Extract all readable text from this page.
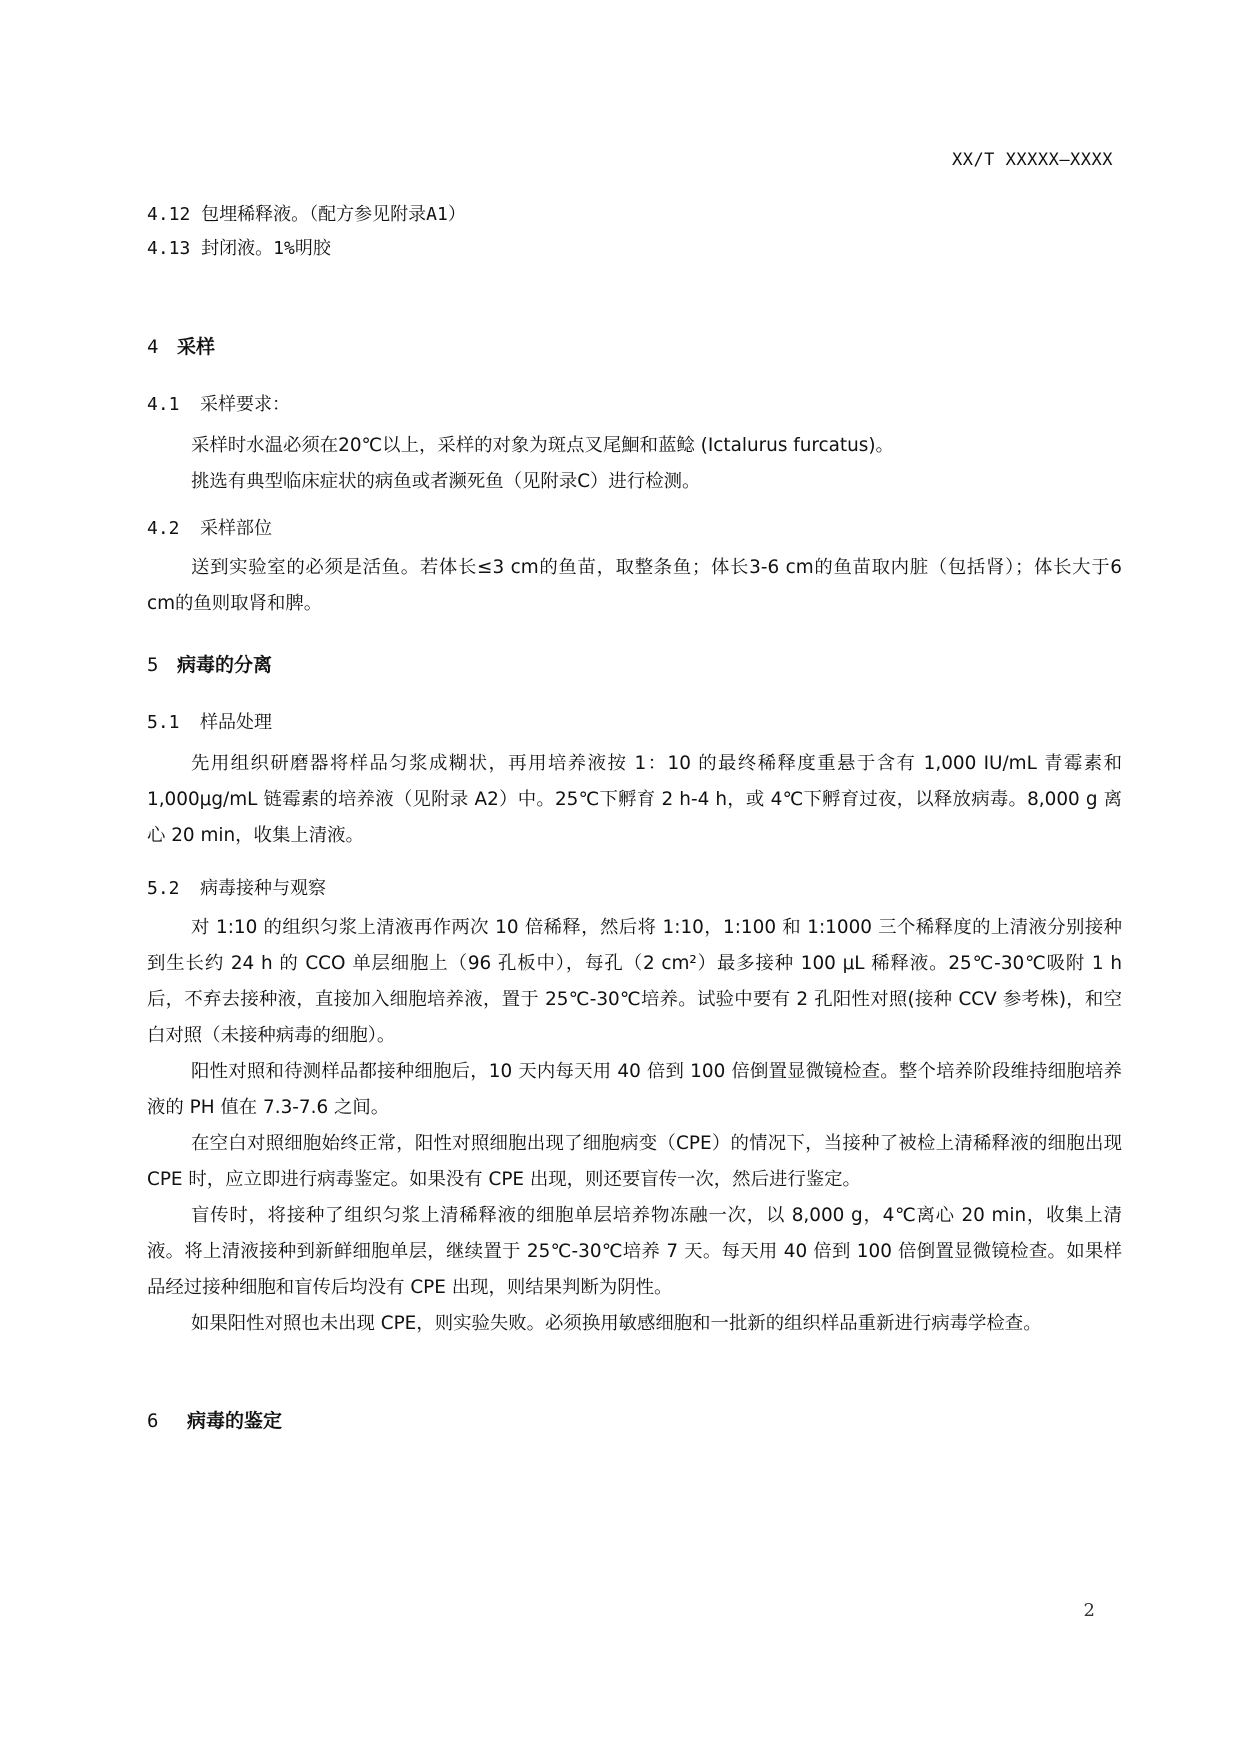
XX/T XXXXX—XXXX
4.12 包埋稀释液。（配方参见附录A1）
4.13 封闭液。1%明胶
4 采样
4.1 采样要求：
采样时水温必须在20℃以上，采样的对象为斑点叉尾鮰和蓝鲶 (Ictalurus furcatus)。
挑选有典型临床症状的病鱼或者濒死鱼（见附录C）进行检测。
4.2 采样部位

送到实验室的必须是活鱼。若体长≤3 cm的鱼苗，取整条鱼；体长3-6 cm的鱼苗取内脏（包括肾）；体长大于6 cm的鱼则取肾和脾。

5 病毒的分离
5.1 样品处理

先用组织研磨器将样品匀浆成糊状，再用培养液按 1：10 的最终稀释度重悬于含有 1,000 IU/mL 青霉素和 1,000μg/mL 链霉素的培养液（见附录 A2）中。25℃下孵育 2 h-4 h，或 4℃下孵育过夜，以释放病毒。8,000 g 离心 20 min，收集上清液。

5.2 病毒接种与观察

对 1:10 的组织匀浆上清液再作两次 10 倍稀释，然后将 1:10，1:100 和 1:1000 三个稀释度的上清液分别接种到生长约 24 h 的 CCO 单层细胞上（96 孔板中），每孔（2 cm²）最多接种 100 μL 稀释液。25℃-30℃吸附 1 h 后，不弃去接种液，直接加入细胞培养液，置于 25℃-30℃培养。试验中要有 2 孔阳性对照(接种 CCV 参考株)，和空白对照（未接种病毒的细胞）。

阳性对照和待测样品都接种细胞后，10 天内每天用 40 倍到 100 倍倒置显微镜检查。整个培养阶段维持细胞培养液的 PH 值在 7.3-7.6 之间。

在空白对照细胞始终正常，阳性对照细胞出现了细胞病变（CPE）的情况下，当接种了被检上清稀释液的细胞出现 CPE 时，应立即进行病毒鉴定。如果没有 CPE 出现，则还要盲传一次，然后进行鉴定。

盲传时，将接种了组织匀浆上清稀释液的细胞单层培养物冻融一次，以 8,000 g，4℃离心 20 min，收集上清液。将上清液接种到新鲜细胞单层，继续置于 25℃-30℃培养 7 天。每天用 40 倍到 100 倍倒置显微镜检查。如果样品经过接种细胞和盲传后均没有 CPE 出现，则结果判断为阴性。

如果阳性对照也未出现 CPE，则实验失败。必须换用敏感细胞和一批新的组织样品重新进行病毒学检查。

6 病毒的鉴定
2
